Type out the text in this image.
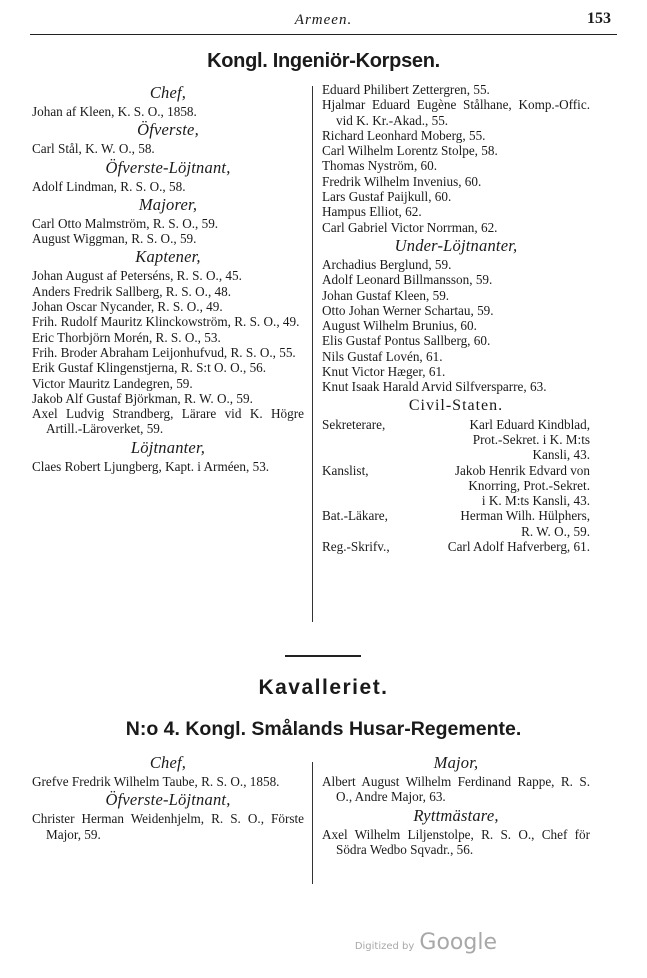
Armeen.	153
Kongl. Ingeniör-Korpsen.
Chef,
Johan af Kleen, K. S. O., 1858.
Öfverste,
Carl Stål, K. W. O., 58.
Öfverste-Löjtnant,
Adolf Lindman, R. S. O., 58.
Majorer,
Carl Otto Malmström, R. S. O., 59.
August Wiggman, R. S. O., 59.
Kaptener,
Johan August af Peterséns, R. S. O., 45.
Anders Fredrik Sallberg, R. S. O., 48.
Johan Oscar Nycander, R. S. O., 49.
Frih. Rudolf Mauritz Klinckowström, R. S. O., 49.
Eric Thorbjörn Morén, R. S. O., 53.
Frih. Broder Abraham Leijonhufvud, R. S. O., 55.
Erik Gustaf Klingenstjerna, R. S:t O. O., 56.
Victor Mauritz Landegren, 59.
Jakob Alf Gustaf Björkman, R. W. O., 59.
Axel Ludvig Strandberg, Lärare vid K. Högre Artill.-Läroverket, 59.
Löjtnanter,
Claes Robert Ljungberg, Kapt. i Arméen, 53.
Eduard Philibert Zettergren, 55.
Hjalmar Eduard Eugène Stålhane, Komp.-Offic. vid K. Kr.-Akad., 55.
Richard Leonhard Moberg, 55.
Carl Wilhelm Lorentz Stolpe, 58.
Thomas Nyström, 60.
Fredrik Wilhelm Invenius, 60.
Lars Gustaf Paijkull, 60.
Hampus Elliot, 62.
Carl Gabriel Victor Norrman, 62.
Under-Löjtnanter,
Archadius Berglund, 59.
Adolf Leonard Billmansson, 59.
Johan Gustaf Kleen, 59.
Otto Johan Werner Schartau, 59.
August Wilhelm Brunius, 60.
Elis Gustaf Pontus Sallberg, 60.
Nils Gustaf Lovén, 61.
Knut Victor Hæger, 61.
Knut Isaak Harald Arvid Silfversparre, 63.
Civil-Staten.
Sekreterare,	Karl Eduard Kindblad,
Prot.-Sekret. i K. M:ts
Kansli, 43.
Kanslist,	Jakob Henrik Edvard von
Knorring, Prot.-Sekret.
i K. M:ts Kansli, 43.
Bat.-Läkare,	Herman Wilh. Hülphers,
R. W. O., 59.
Reg.-Skrifv.,	Carl Adolf Hafverberg, 61.
Kavalleriet.
N:o 4. Kongl. Smålands Husar-Regemente.
Chef,
Grefve Fredrik Wilhelm Taube, R. S. O., 1858.
Öfverste-Löjtnant,
Christer Herman Weidenhjelm, R. S. O., Förste Major, 59.
Major,
Albert August Wilhelm Ferdinand Rappe, R. S. O., Andre Major, 63.
Ryttmästare,
Axel Wilhelm Liljenstolpe, R. S. O., Chef för Södra Wedbo Sqvadr., 56.
Digitized by Google
